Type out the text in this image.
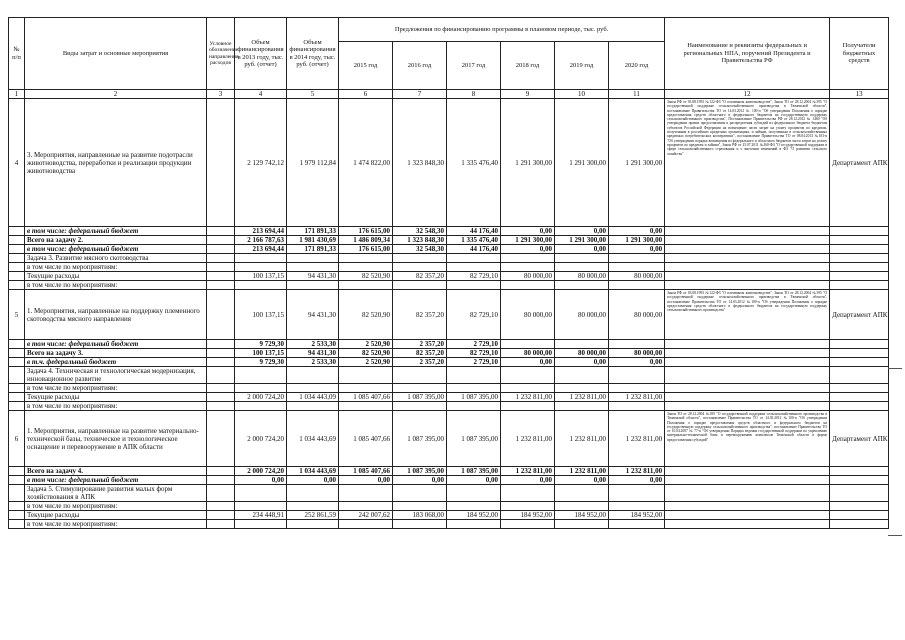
№ п/п	Виды затрат и основные мероприятия	Условное обозначение направления расходов	Объем финансирования в 2013 году, тыс. руб. (отчет)	Объем финансирования в 2014 году, тыс. руб. (отчет)	Предложения по финансированию программы в плановом периоде, тыс. руб.						Наименование и реквизиты федеральных и региональных НПА, поручений Президента и Правительства РФ	Получатели бюджетных средств
					2015 год	2016 год	2017 год	2018 год	2019 год	2020 год		
1	2	3	4	5	6	7	8	9	10	11	12	13
4	3. Мероприятия, направленные на развитие подотрасли животноводства, переработки и реализации продукции животноводства		2 129 742,12	1 979 112,84	1 474 822,00	1 323 848,30	1 335 476,40	1 291 300,00	1 291 300,00	1 291 300,00	Закон РФ от 03.08.1993 №122-ФЗ "О племенном животноводстве", Закон ТО от 28.12.2004 №395 "О государственной поддержке сельскохозяйственного производства в Тюменской области", постановление Правительства ТО от 14.03.2012 № 100-п "Об утверждении Положения о порядке предоставления средств областного и федерального бюджетов на государственную поддержку сельскохозяйственного производства", Постановление Правительства РФ от 28.12.2012 № 1460 "Об утверждении правил предоставления и распределения субсидий из федерального бюджета бюджетам субъектов Российской Федерации на возмещение части затрат на уплату процентов по кредитам, полученным в российских кредитных организациях, и займам, полученным в сельскохозяйственных кредитных потребительских кооперативах", постановление Правительства ТО от 08.04.2013 №103-п "Об утверждении порядка возмещения из федерального и областного бюджетов части затрат на уплату процентов по кредитам и займам", Закон РФ от 25.07.2011 №260-ФЗ "О государственной поддержке в сфере сельскохозяйственного страхования и о внесении изменений в ФЗ "О развитии сельского хозяйства"	Департамент АПК
	в том числе: федеральный бюджет		213 694,44	171 891,33	176 615,00	32 548,30	44 176,40	0,00	0,00	0,00		
	Всего на задачу 2.		2 166 787,63	1 981 430,69	1 486 809,34	1 323 848,30	1 335 476,40	1 291 300,00	1 291 300,00	1 291 300,00		
	в том числе: федеральный бюджет		213 694,44	171 891,33	176 615,00	32 548,30	44 176,40	0,00	0,00	0,00		
	Задача 3. Развитие мясного скотоводства											
	в том числе по мероприятиям:											
	Текущие расходы		100 137,15	94 431,30	82 520,90	82 357,20	82 729,10	80 000,00	80 000,00	80 000,00		
	в том числе по мероприятиям:											
5	1. Мероприятия, направленные на поддержку племенного скотоводства мясного направления		100 137,15	94 431,30	82 520,90	82 357,20	82 729,10	80 000,00	80 000,00	80 000,00	Закон РФ от 03.08.1993 №122-ФЗ "О племенном животноводстве", Закон ТО от 28.12.2004 №395 "О государственной поддержке сельскохозяйственного производства в Тюменской области", постановление Правительства ТО от 14.03.2012 №100-п "Об утверждении Положения о порядке предоставления средств областного и федерального бюджетов на государственную поддержку сельскохозяйственного производства"	Департамент АПК
	в том числе: федеральный бюджет		9 729,30	2 533,30	2 520,90	2 357,20	2 729,10					
	Всего на задачу 3.		100 137,15	94 431,30	82 520,90	82 357,20	82 729,10	80 000,00	80 000,00	80 000,00		
	в т.ч. федеральный бюджет		9 729,30	2 533,30	2 520,90	2 357,20	2 729,10	0,00	0,00	0,00		
	Задача 4. Техническая и технологическая модернизация, инновационное развитие											
	в том числе по мероприятиям:											
	Текущие расходы		2 000 724,20	1 034 443,09	1 085 407,66	1 087 395,00	1 087 395,00	1 232 811,00	1 232 811,00	1 232 811,00		
	в том числе по мероприятиям:											
6	1. Мероприятия, направленные на развитие материально-технической базы, техническое и технологическое оснащение и перевооружение в АПК области		2 000 724,20	1 034 443,69	1 085 407,66	1 087 395,00	1 087 395,00	1 232 811,00	1 232 811,00	1 232 811,00	Закон ТО от 28.12.2004 №395 "О государственной поддержке сельскохозяйственного производства в Тюменской области", постановление Правительства ТО от 14.03.2012 №100-п "Об утверждении Положения о порядке предоставления средств областного и федерального бюджетов на государственную поддержку сельскохозяйственного производства", постановление Правительства ТО от 10.04.2007 № 77-п "Об утверждении Порядка ведения государственной поддержки по укреплению материально-технической базы и перевооружению комплексов Тюменской области в форме предоставления субсидий"	Департамент АПК
	Всего на задачу 4.		2 000 724,20	1 034 443,69	1 085 407,66	1 087 395,00	1 087 395,00	1 232 811,00	1 232 811,00	1 232 811,00		
	в том числе: федеральный бюджет		0,00	0,00	0,00	0,00	0,00	0,00	0,00	0,00		
	Задача 5. Стимулирование развития малых форм хозяйствования в АПК											
	в том числе по мероприятиям:											
	Текущие расходы		234 448,91	252 861,59	242 007,62	183 068,00	184 952,00	184 952,00	184 952,00	184 952,00		
	в том числе по мероприятиям:											
